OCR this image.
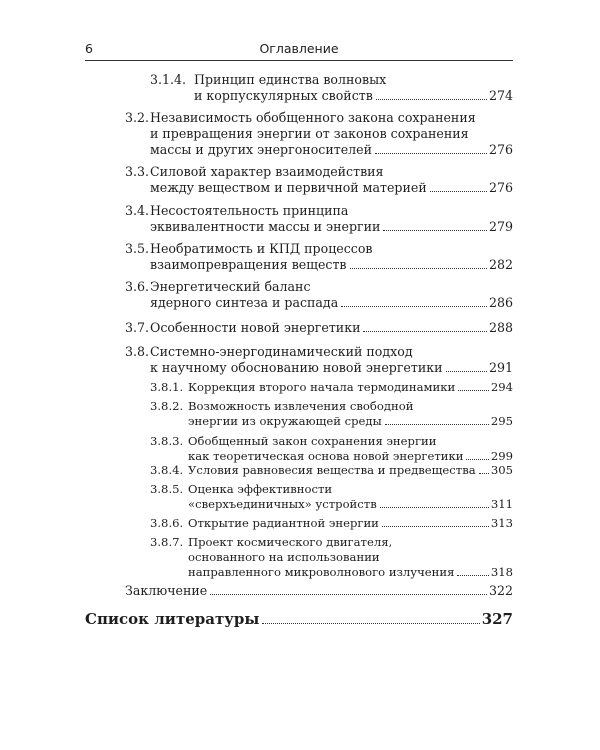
6	Оглавление
3.1.4. Принцип единства волновых
и корпускулярных свойств	274
3.2. Независимость обобщенного закона сохранения
и превращения энергии от законов сохранения
массы и других энергоносителей	276
3.3. Силовой характер взаимодействия
между веществом и первичной материей	276
3.4. Несостоятельность принципа
эквивалентности массы и энергии	279
3.5. Необратимость и КПД процессов
взаимопревращения веществ	282
3.6. Энергетический баланс
ядерного синтеза и распада	286
3.7. Особенности новой энергетики	288
3.8. Системно-энергодинамический подход
к научному обоснованию новой энергетики	291
3.8.1. Коррекция второго начала термодинамики	294
3.8.2. Возможность извлечения свободной
энергии из окружающей среды	295
3.8.3. Обобщенный закон сохранения энергии
как теоретическая основа новой энергетики 299
3.8.4. Условия равновесия вещества и предвещества 305
3.8.5. Оценка эффективности
«сверхъединичных» устройств	311
3.8.6. Открытие радиантной энергии	313
3.8.7. Проект космического двигателя,
основанного на использовании
направленного микроволнового излучения	318
Заключение	322
Список литературы	327
